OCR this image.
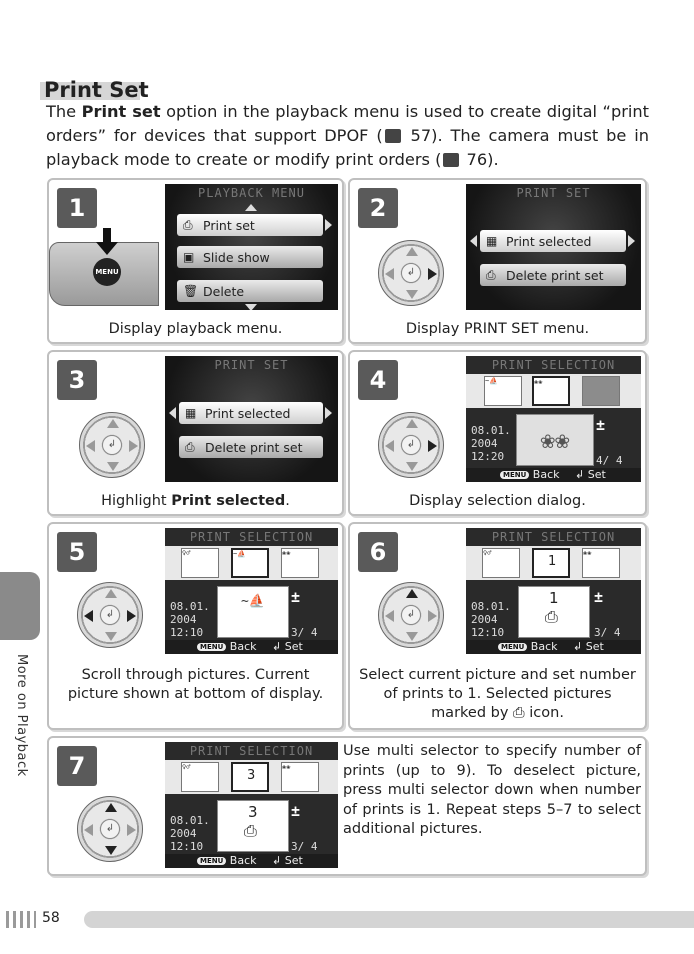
Print Set
The Print set option in the playback menu is used to create digital “print orders” for devices that support DPOF ( 57). The camera must be in playback mode to create or modify print orders ( 76).
1
MENU
PLAYBACK MENU
⎙ Print set
▣ Slide show
🗑 Delete
Display playback menu.
2
↲
PRINT SET
▦ Print selected
⎙ Delete print set
Display PRINT SET menu.
3
↲
PRINT SET
▦ Print selected
⎙ Delete print set
Highlight Print selected.
4
↲
PRINT SELECTION
~⛵	❀❀
08.01.
2004
12:20
❀❀
±
4/ 4
MENU Back ↲ Set
Display selection dialog.
5
↲
PRINT SELECTION
♀♂	~⛵	❀❀
08.01.
2004
12:10
~⛵	±
3/ 4
MENU Back ↲ Set
Scroll through pictures. Current picture shown at bottom of display.
6
↲
PRINT SELECTION
♀♂
1
❀❀
08.01.
2004
12:10
1
⎙
±
3/ 4
MENU Back ↲ Set
Select current picture and set number of prints to 1. Selected pictures marked by ⎙ icon.
7
↲
PRINT SELECTION
♀♂
3
❀❀
08.01.
2004
12:10
3
⎙
±
3/ 4
MENU Back ↲ Set
Use multi selector to specify number of prints (up to 9). To deselect picture, press multi selector down when number of prints is 1. Repeat steps 5–7 to select additional pictures.
More on Playback
58
